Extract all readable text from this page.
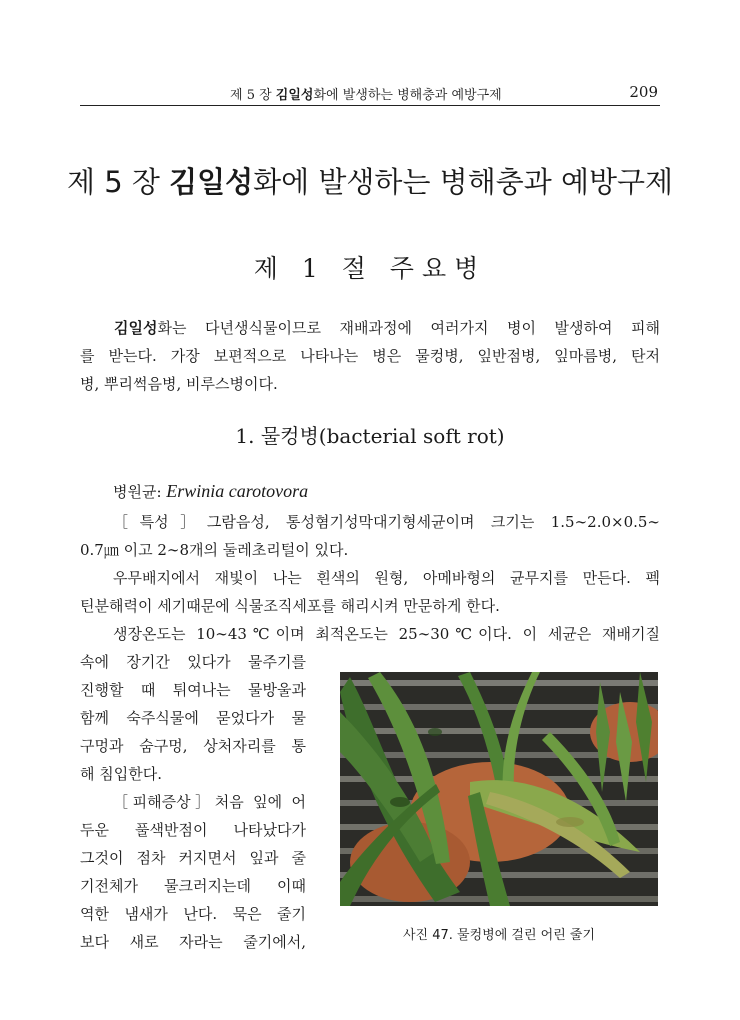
제 5 장 김일성화에 발생하는 병해충과 예방구제	209
제 5 장 김일성화에 발생하는 병해충과 예방구제
제 1 절 주요병
김일성화는 다년생식물이므로 재배과정에 여러가지 병이 발생하여 피해
를 받는다. 가장 보편적으로 나타나는 병은 물컹병, 잎반점병, 잎마름병, 탄저
병, 뿌리썩음병, 비루스병이다.
1. 물컹병(bacterial soft rot)
병원균: Erwinia carotovora
［특성］그람음성, 통성혐기성막대기형세균이며 크기는 1.5∼2.0×0.5∼
0.7㎛ 이고 2∼8개의 둘레초리털이 있다.
우무배지에서 재빛이 나는 흰색의 원형, 아메바형의 균무지를 만든다. 펙
틴분해력이 세기때문에 식물조직세포를 해리시켜 만문하게 한다.
생장온도는 10∼43℃이며 최적온도는 25∼30℃이다. 이 세균은 재배기질
속에 장기간 있다가 물주기를
진행할 때 튀여나는 물방울과
함께 숙주식물에 묻었다가 물
구멍과 숨구멍, 상처자리를 통
해 침입한다.
［피해증상］처음 잎에 어
두운 풀색반점이 나타났다가
그것이 점차 커지면서 잎과 줄
기전체가 물크러지는데 이때
역한 냄새가 난다. 묵은 줄기
보다 새로 자라는 줄기에서,	사진 47. 물컹병에 걸린 어린 줄기
